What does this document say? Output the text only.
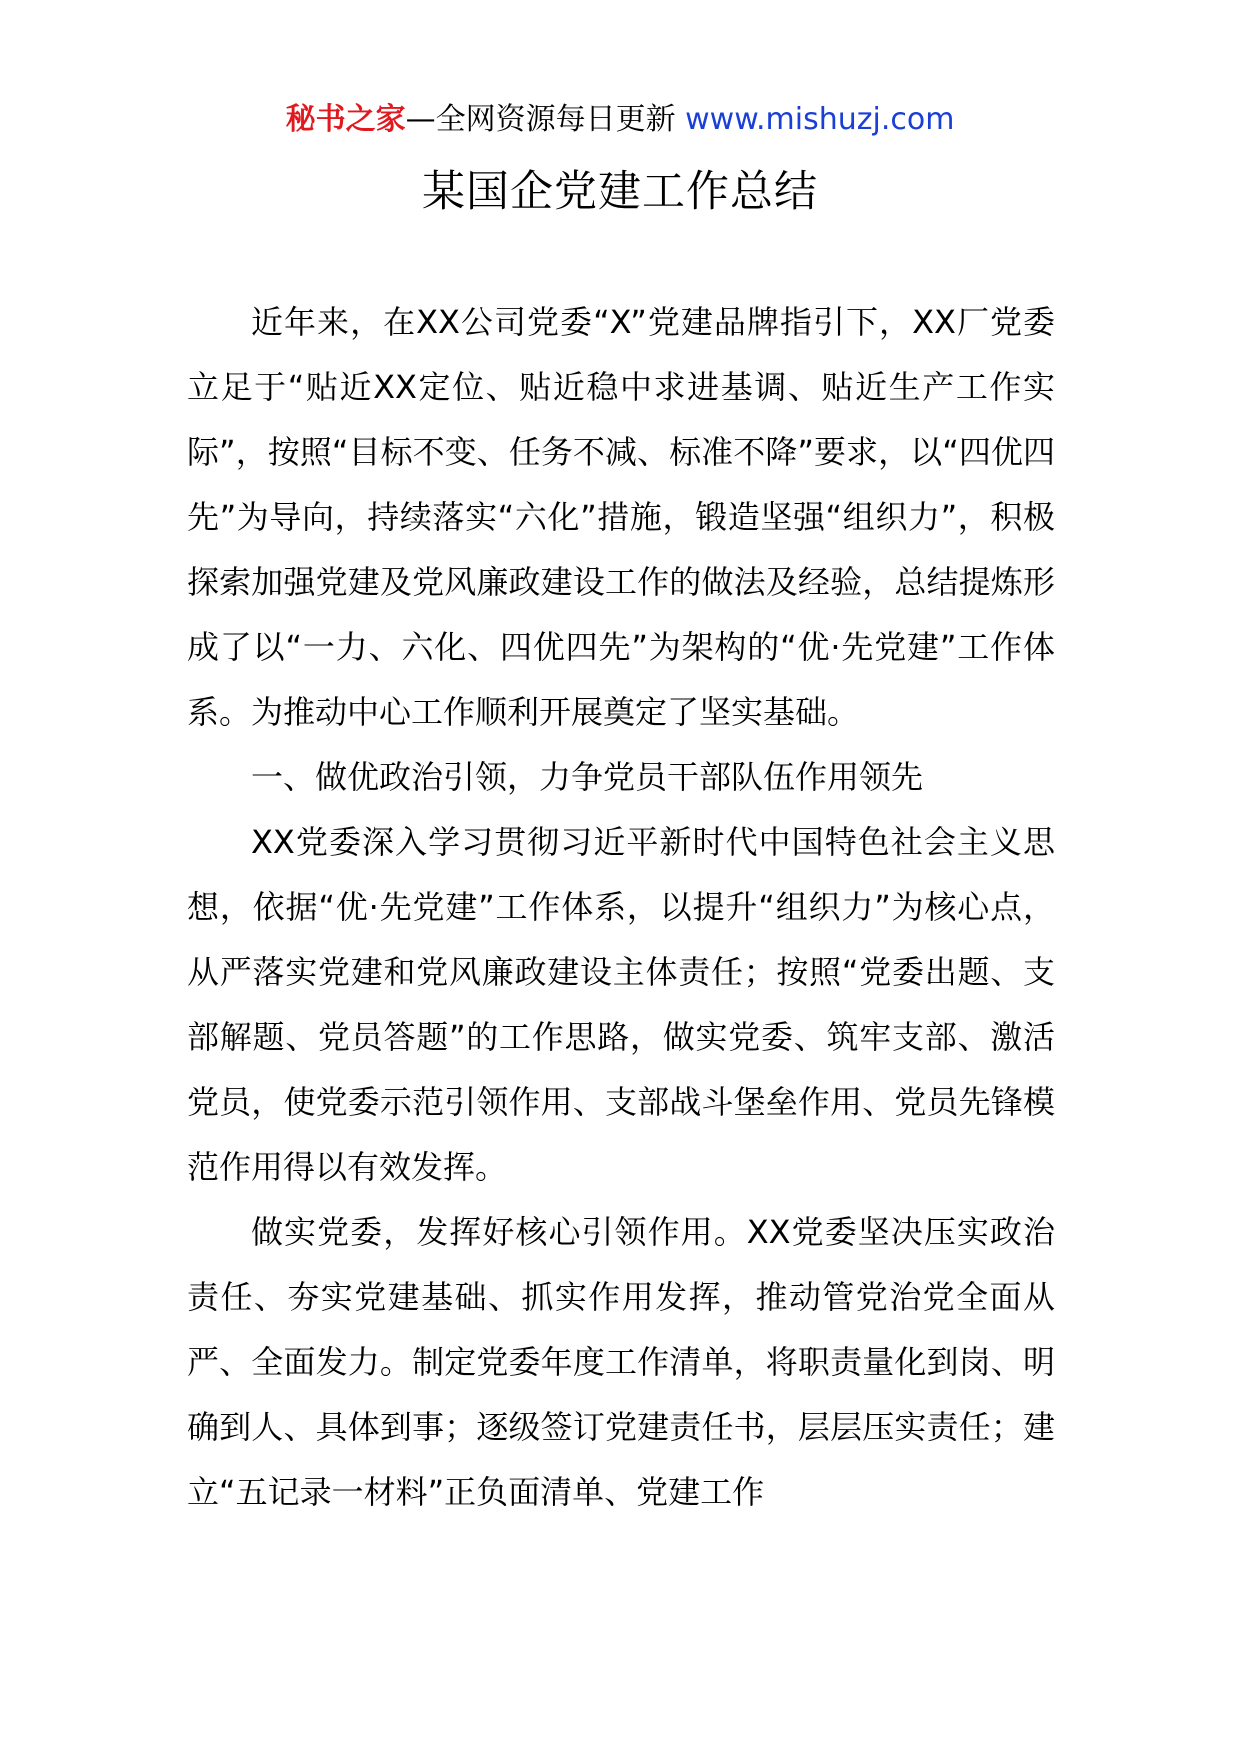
秘书之家—全网资源每日更新 www.mishuzj.com
某国企党建工作总结

近年来，在XX公司党委“X”党建品牌指引下，XX厂党委立足于“贴近XX定位、贴近稳中求进基调、贴近生产工作实际”，按照“目标不变、任务不减、标准不降”要求，以“四优四先”为导向，持续落实“六化”措施，锻造坚强“组织力”，积极探索加强党建及党风廉政建设工作的做法及经验，总结提炼形成了以“一力、六化、四优四先”为架构的“优·先党建”工作体系。为推动中心工作顺利开展奠定了坚实基础。

一、做优政治引领，力争党员干部队伍作用领先

XX党委深入学习贯彻习近平新时代中国特色社会主义思想，依据“优·先党建”工作体系，以提升“组织力”为核心点，从严落实党建和党风廉政建设主体责任；按照“党委出题、支部解题、党员答题”的工作思路，做实党委、筑牢支部、激活党员，使党委示范引领作用、支部战斗堡垒作用、党员先锋模范作用得以有效发挥。

做实党委，发挥好核心引领作用。XX党委坚决压实政治责任、夯实党建基础、抓实作用发挥，推动管党治党全面从严、全面发力。制定党委年度工作清单，将职责量化到岗、明确到人、具体到事；逐级签订党建责任书，层层压实责任；建立“五记录一材料”正负面清单、党建工作
